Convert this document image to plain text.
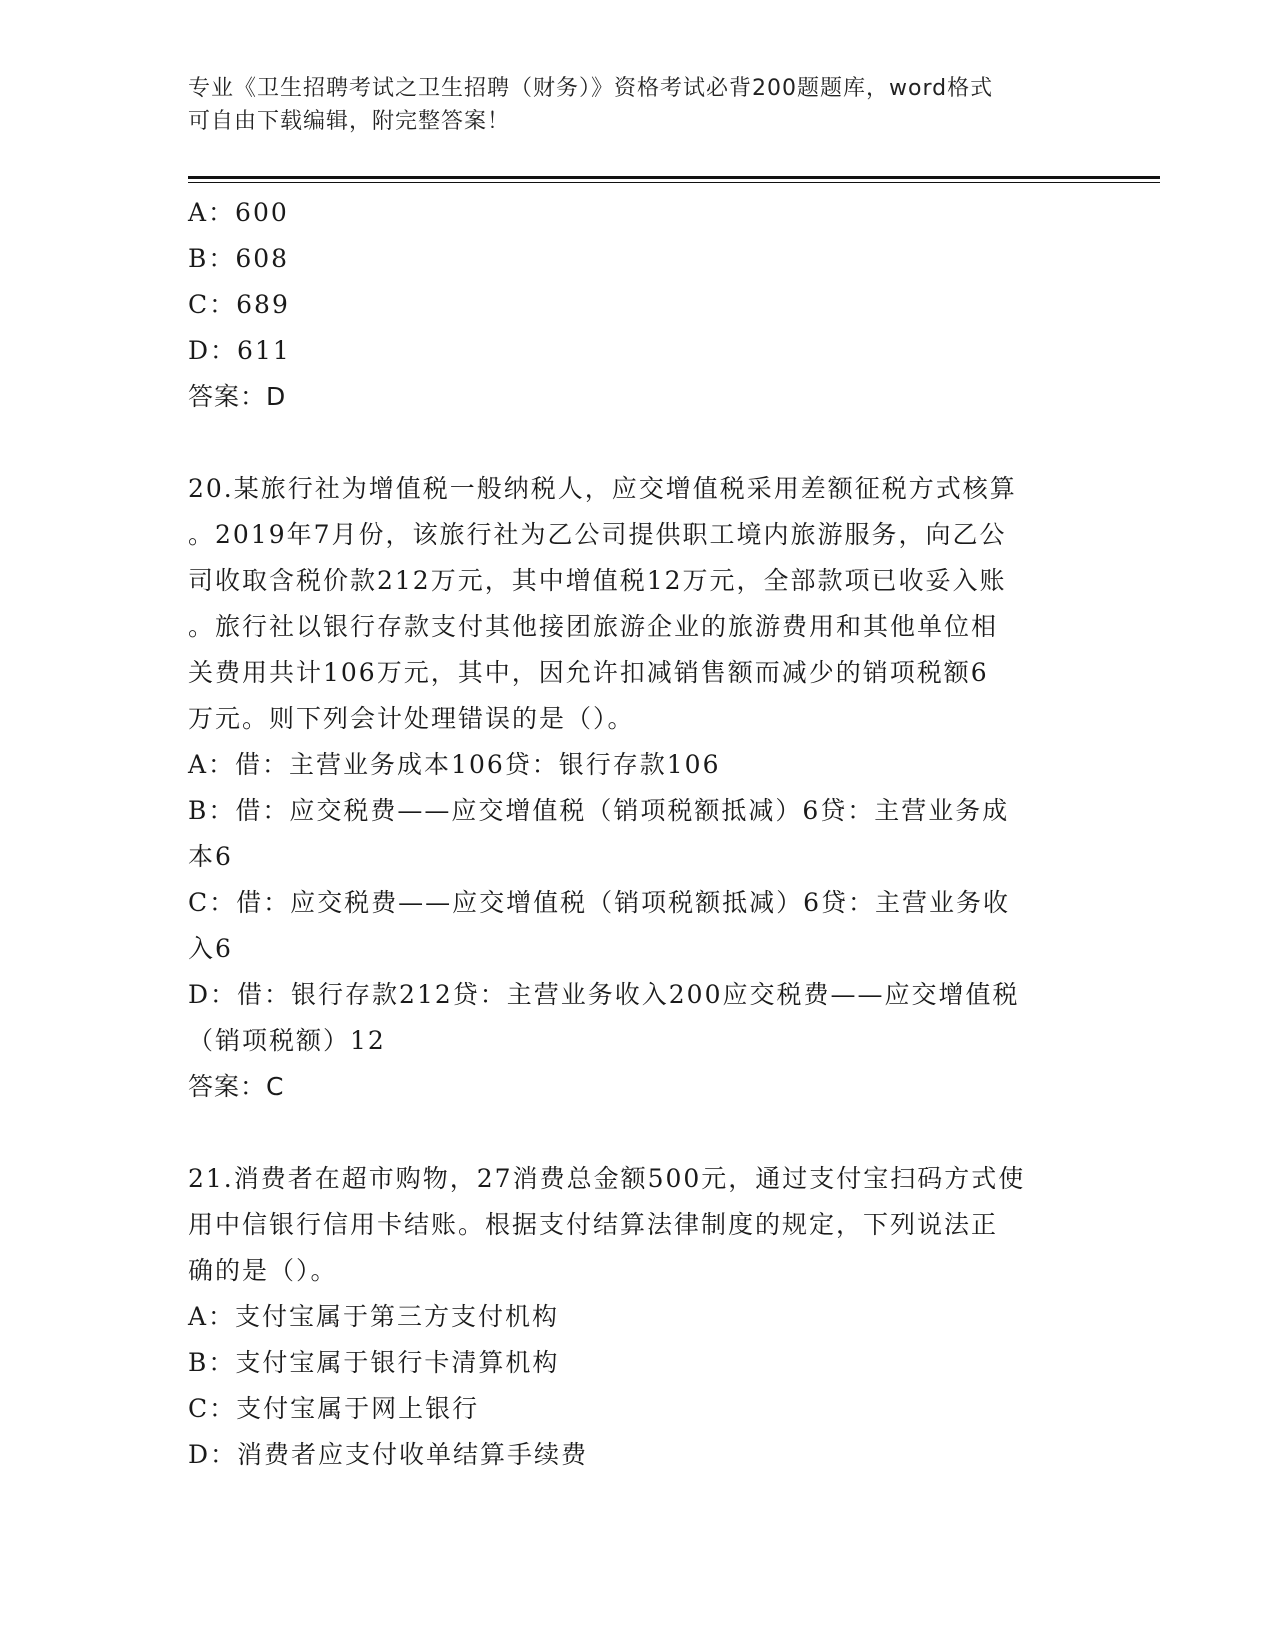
专业《卫生招聘考试之卫生招聘（财务）》资格考试必背200题题库，word格式
可自由下载编辑，附完整答案！
A：600
B：608
C：689
D：611
答案：D
20.某旅行社为增值税一般纳税人，应交增值税采用差额征税方式核算
。2019年7月份，该旅行社为乙公司提供职工境内旅游服务，向乙公
司收取含税价款212万元，其中增值税12万元，全部款项已收妥入账
。旅行社以银行存款支付其他接团旅游企业的旅游费用和其他单位相
关费用共计106万元，其中，因允许扣减销售额而减少的销项税额6
万元。则下列会计处理错误的是（）。
A：借：主营业务成本106贷：银行存款106
B：借：应交税费——应交增值税（销项税额抵减）6贷：主营业务成
本6
C：借：应交税费——应交增值税（销项税额抵减）6贷：主营业务收
入6
D：借：银行存款212贷：主营业务收入200应交税费——应交增值税
（销项税额）12
答案：C
21.消费者在超市购物，27消费总金额500元，通过支付宝扫码方式使
用中信银行信用卡结账。根据支付结算法律制度的规定，下列说法正
确的是（）。
A：支付宝属于第三方支付机构
B：支付宝属于银行卡清算机构
C：支付宝属于网上银行
D：消费者应支付收单结算手续费
